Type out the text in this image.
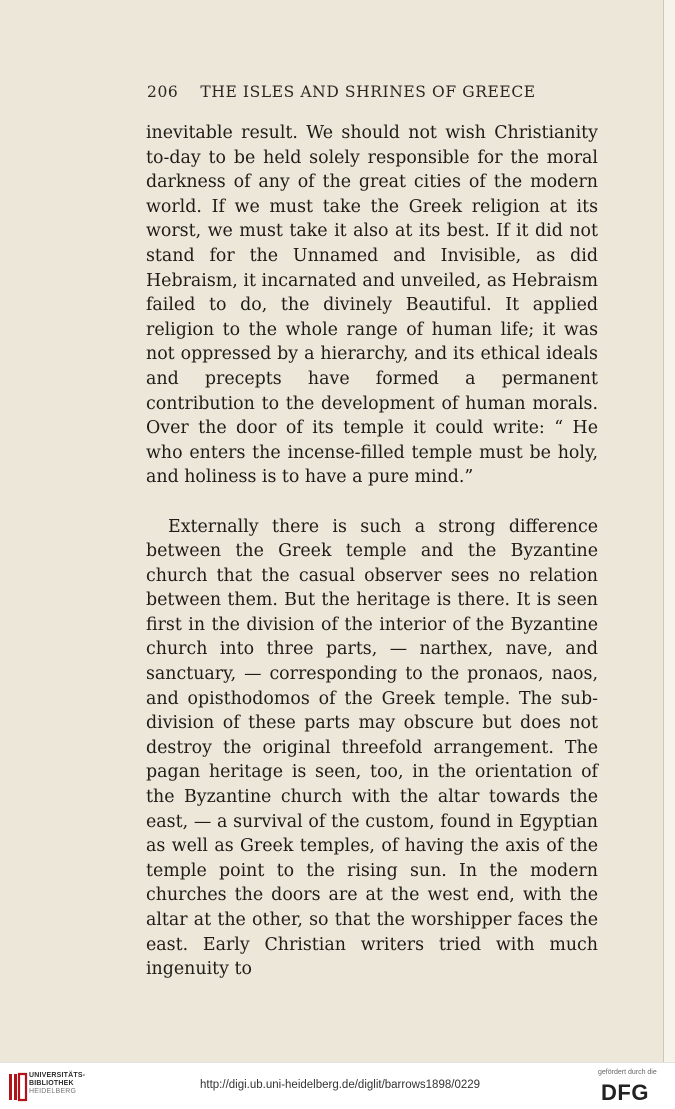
206 THE ISLES AND SHRINES OF GREECE

inevitable result. We should not wish Christianity to-day to be held solely responsible for the moral darkness of any of the great cities of the modern world. If we must take the Greek religion at its worst, we must take it also at its best. If it did not stand for the Unnamed and Invisible, as did Hebraism, it incarnated and unveiled, as Hebraism failed to do, the divinely Beautiful. It applied religion to the whole range of human life; it was not oppressed by a hierarchy, and its ethical ideals and precepts have formed a permanent contribution to the development of human morals. Over the door of its temple it could write: “ He who enters the incense-filled temple must be holy, and holiness is to have a pure mind.”

Externally there is such a strong difference between the Greek temple and the Byzantine church that the casual observer sees no relation between them. But the heritage is there. It is seen first in the division of the interior of the Byzantine church into three parts, — narthex, nave, and sanctuary, — corresponding to the pronaos, naos, and opisthodomos of the Greek temple. The sub-division of these parts may obscure but does not destroy the original threefold arrangement. The pagan heritage is seen, too, in the orientation of the Byzantine church with the altar towards the east, — a survival of the custom, found in Egyptian as well as Greek temples, of having the axis of the temple point to the rising sun. In the modern churches the doors are at the west end, with the altar at the other, so that the worshipper faces the east. Early Christian writers tried with much ingenuity to

UNIVERSITÄTS-
BIBLIOTHEK
HEIDELBERG
http://digi.ub.uni-heidelberg.de/diglit/barrows1898/0229
gefördert durch die
DFG
